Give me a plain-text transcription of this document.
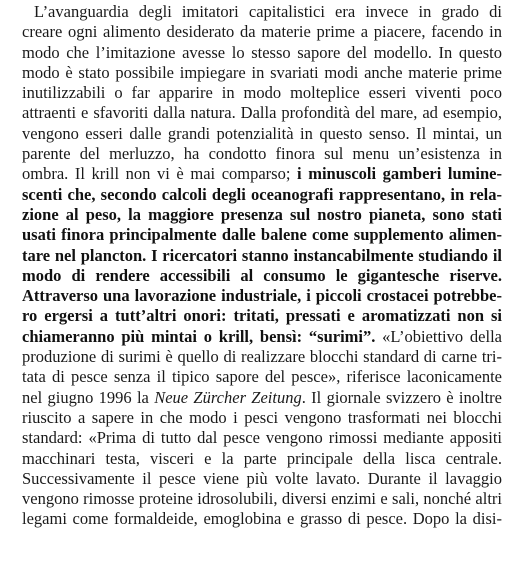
L’avanguardia degli imitatori capitalistici era invece in grado di
creare ogni alimento desiderato da materie prime a piacere, facendo in
modo che l’imitazione avesse lo stesso sapore del modello. In questo
modo è stato possibile impiegare in svariati modi anche materie prime
inutilizzabili o far apparire in modo molteplice esseri viventi poco
attraenti e sfavoriti dalla natura. Dalla profondità del mare, ad esempio,
vengono esseri dalle grandi potenzialità in questo senso. Il mintai, un
parente del merluzzo, ha condotto finora sul menu un’esistenza in
ombra. Il krill non vi è mai comparso; i minuscoli gamberi lumine-
scenti che, secondo calcoli degli oceanografi rappresentano, in rela-
zione al peso, la maggiore presenza sul nostro pianeta, sono stati
usati finora principalmente dalle balene come supplemento alimen-
tare nel plancton. I ricercatori stanno instancabilmente studiando il
modo di rendere accessibili al consumo le gigantesche riserve.
Attraverso una lavorazione industriale, i piccoli crostacei potrebbe-
ro ergersi a tutt’altri onori: tritati, pressati e aromatizzati non si
chiameranno più mintai o krill, bensì: “surimi”. «L’obiettivo della
produzione di surimi è quello di realizzare blocchi standard di carne tri-
tata di pesce senza il tipico sapore del pesce», riferisce laconicamente
nel giugno 1996 la Neue Zürcher Zeitung. Il giornale svizzero è inoltre
riuscito a sapere in che modo i pesci vengono trasformati nei blocchi
standard: «Prima di tutto dal pesce vengono rimossi mediante appositi
macchinari testa, visceri e la parte principale della lisca centrale.
Successivamente il pesce viene più volte lavato. Durante il lavaggio
vengono rimosse proteine idrosolubili, diversi enzimi e sali, nonché altri
legami come formaldeide, emoglobina e grasso di pesce. Dopo la disi-
